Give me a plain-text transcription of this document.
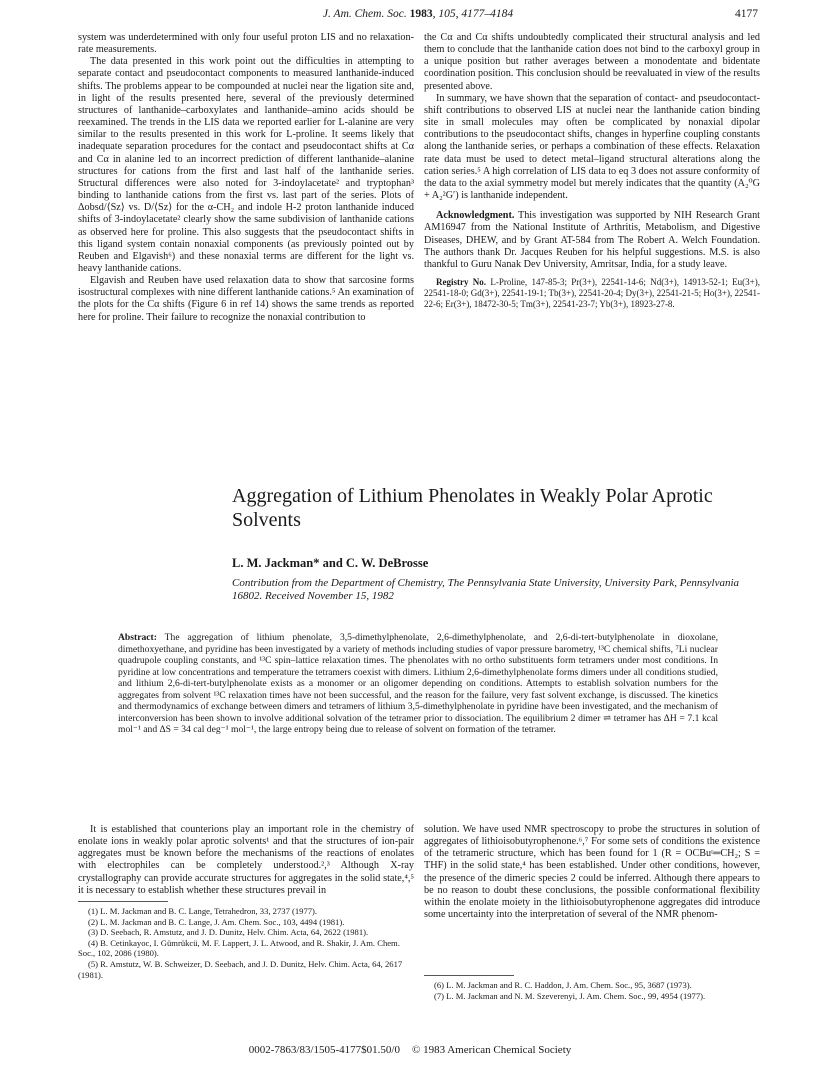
J. Am. Chem. Soc. 1983, 105, 4177–4184	4177

system was underdetermined with only four useful proton LIS and no relaxation-rate measurements.

The data presented in this work point out the difficulties in attempting to separate contact and pseudocontact components to measured lanthanide-induced shifts. The problems appear to be compounded at nuclei near the ligation site and, in light of the results presented here, several of the previously determined structures of lanthanide–carboxylates and lanthanide–amino acids should be reexamined. The trends in the LIS data we reported earlier for L-alanine are very similar to the results presented in this work for L-proline. It seems likely that inadequate separation procedures for the contact and pseudocontact shifts at Cα and Cα in alanine led to an incorrect prediction of different lanthanide–alanine structures for cations from the first and last half of the lanthanide series. Structural differences were also noted for 3-indoylacetate² and tryptophan³ binding to lanthanide cations from the first vs. last part of the series. Plots of Δobsd/⟨Sz⟩ vs. D/⟨Sz⟩ for the α-CH₂ and indole H-2 proton lanthanide induced shifts of 3-indoylacetate² clearly show the same subdivision of lanthanide cations as observed here for proline. This also suggests that the pseudocontact shifts in this ligand system contain nonaxial components (as previously pointed out by Reuben and Elgavish⁶) and these nonaxial terms are different for the light vs. heavy lanthanide cations.

Elgavish and Reuben have used relaxation data to show that sarcosine forms isostructural complexes with nine different lanthanide cations.⁵ An examination of the plots for the Cα shifts (Figure 6 in ref 14) shows the same trends as reported here for proline. Their failure to recognize the nonaxial contribution to

the Cα and Cα shifts undoubtedly complicated their structural analysis and led them to conclude that the lanthanide cation does not bind to the carboxyl group in a unique position but rather averages between a monodentate and bidentate coordination position. This conclusion should be reevaluated in view of the results presented above.

In summary, we have shown that the separation of contact- and pseudocontact-shift contributions to observed LIS at nuclei near the lanthanide cation binding site in small molecules may often be complicated by nonaxial dipolar contributions to the pseudocontact shifts, changes in hyperfine coupling constants along the lanthanide series, or perhaps a combination of these effects. Relaxation rate data must be used to detect metal–ligand structural alterations along the cation series.⁵ A high correlation of LIS data to eq 3 does not assure conformity of the data to the axial symmetry model but merely indicates that the quantity (A₂⁰G + A₂²G′) is lanthanide independent.

Acknowledgment. This investigation was supported by NIH Research Grant AM16947 from the National Institute of Arthritis, Metabolism, and Digestive Diseases, DHEW, and by Grant AT-584 from The Robert A. Welch Foundation. The authors thank Dr. Jacques Reuben for his helpful suggestions. M.S. is also thankful to Guru Nanak Dev University, Amritsar, India, for a study leave.

Registry No. L-Proline, 147-85-3; Pr(3+), 22541-14-6; Nd(3+), 14913-52-1; Eu(3+), 22541-18-0; Gd(3+), 22541-19-1; Tb(3+), 22541-20-4; Dy(3+), 22541-21-5; Ho(3+), 22541-22-6; Er(3+), 18472-30-5; Tm(3+), 22541-23-7; Yb(3+), 18923-27-8.

Aggregation of Lithium Phenolates in Weakly Polar Aprotic Solvents
L. M. Jackman* and C. W. DeBrosse
Contribution from the Department of Chemistry, The Pennsylvania State University, University Park, Pennsylvania 16802. Received November 15, 1982
Abstract: The aggregation of lithium phenolate, 3,5-dimethylphenolate, 2,6-dimethylphenolate, and 2,6-di-tert-butylphenolate in dioxolane, dimethoxyethane, and pyridine has been investigated by a variety of methods including studies of vapor pressure barometry, ¹³C chemical shifts, ⁷Li nuclear quadrupole coupling constants, and ¹³C spin–lattice relaxation times. The phenolates with no ortho substituents form tetramers under most conditions. In pyridine at low concentrations and temperature the tetramers coexist with dimers. Lithium 2,6-dimethylphenolate forms dimers under all conditions studied, and lithium 2,6-di-tert-butylphenolate exists as a monomer or an oligomer depending on conditions. Attempts to establish solvation numbers for the aggregates from solvent ¹³C relaxation times have not been successful, and the reason for the failure, very fast solvent exchange, is discussed. The kinetics and thermodynamics of exchange between dimers and tetramers of lithium 3,5-dimethylphenolate in pyridine have been investigated, and the mechanism of interconversion has been shown to involve additional solvation of the tetramer prior to dissociation. The equilibrium 2 dimer ⇌ tetramer has ΔH = 7.1 kcal mol⁻¹ and ΔS = 34 cal deg⁻¹ mol⁻¹, the large entropy being due to release of solvent on formation of the tetramer.

It is established that counterions play an important role in the chemistry of enolate ions in weakly polar aprotic solvents¹ and that the structures of ion-pair aggregates must be known before the mechanisms of the reactions of enolates with electrophiles can be completely understood.²,³ Although X-ray crystallography can provide accurate structures for aggregates in the solid state,⁴,⁵ it is necessary to establish whether these structures prevail in

solution. We have used NMR spectroscopy to probe the structures in solution of aggregates of lithioisobutyrophenone.⁶,⁷ For some sets of conditions the existence of the tetrameric structure, which has been found for 1 (R = OCBuᵗ═CH₂; S = THF) in the solid state,⁴ has been established. Under other conditions, however, the presence of the dimeric species 2 could be inferred. Although there appears to be no reason to doubt these conclusions, the possible conformational flexibility within the enolate moiety in the lithioisobutyrophenone aggregates did introduce some uncertainty into the interpretation of several of the NMR phenom-

(1) L. M. Jackman and B. C. Lange, Tetrahedron, 33, 2737 (1977).
(2) L. M. Jackman and B. C. Lange, J. Am. Chem. Soc., 103, 4494 (1981).
(3) D. Seebach, R. Amstutz, and J. D. Dunitz, Helv. Chim. Acta, 64, 2622 (1981).
(4) B. Cetinkayoc, I. Gümrükcü, M. F. Lappert, J. L. Atwood, and R. Shakir, J. Am. Chem. Soc., 102, 2086 (1980).
(5) R. Amstutz, W. B. Schweizer, D. Seebach, and J. D. Dunitz, Helv. Chim. Acta, 64, 2617 (1981).
(6) L. M. Jackman and R. C. Haddon, J. Am. Chem. Soc., 95, 3687 (1973).
(7) L. M. Jackman and N. M. Szeverenyi, J. Am. Chem. Soc., 99, 4954 (1977).
0002-7863/83/1505-4177$01.50/0 © 1983 American Chemical Society
